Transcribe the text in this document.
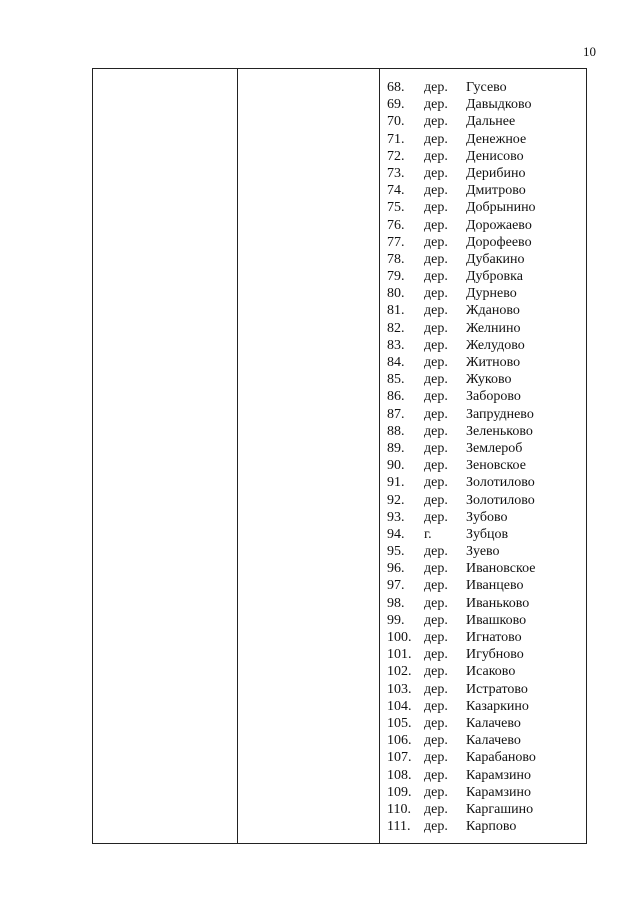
10
68. дер. Гусево
69. дер. Давыдково
70. дер. Дальнее
71. дер. Денежное
72. дер. Денисово
73. дер. Дерибино
74. дер. Дмитрово
75. дер. Добрынино
76. дер. Дорожаево
77. дер. Дорофеево
78. дер. Дубакино
79. дер. Дубровка
80. дер. Дурнево
81. дер. Жданово
82. дер. Желнино
83. дер. Желудово
84. дер. Житново
85. дер. Жуково
86. дер. Заборово
87. дер. Запруднево
88. дер. Зеленьково
89. дер. Землероб
90. дер. Зеновское
91. дер. Золотилово
92. дер. Золотилово
93. дер. Зубово
94. г. Зубцов
95. дер. Зуево
96. дер. Ивановское
97. дер. Иванцево
98. дер. Иваньково
99. дер. Ивашково
100. дер. Игнатово
101. дер. Игубново
102. дер. Исаково
103. дер. Истратово
104. дер. Казаркино
105. дер. Калачево
106. дер. Калачево
107. дер. Карабаново
108. дер. Карамзино
109. дер. Карамзино
110. дер. Каргашино
111. дер. Карпово
